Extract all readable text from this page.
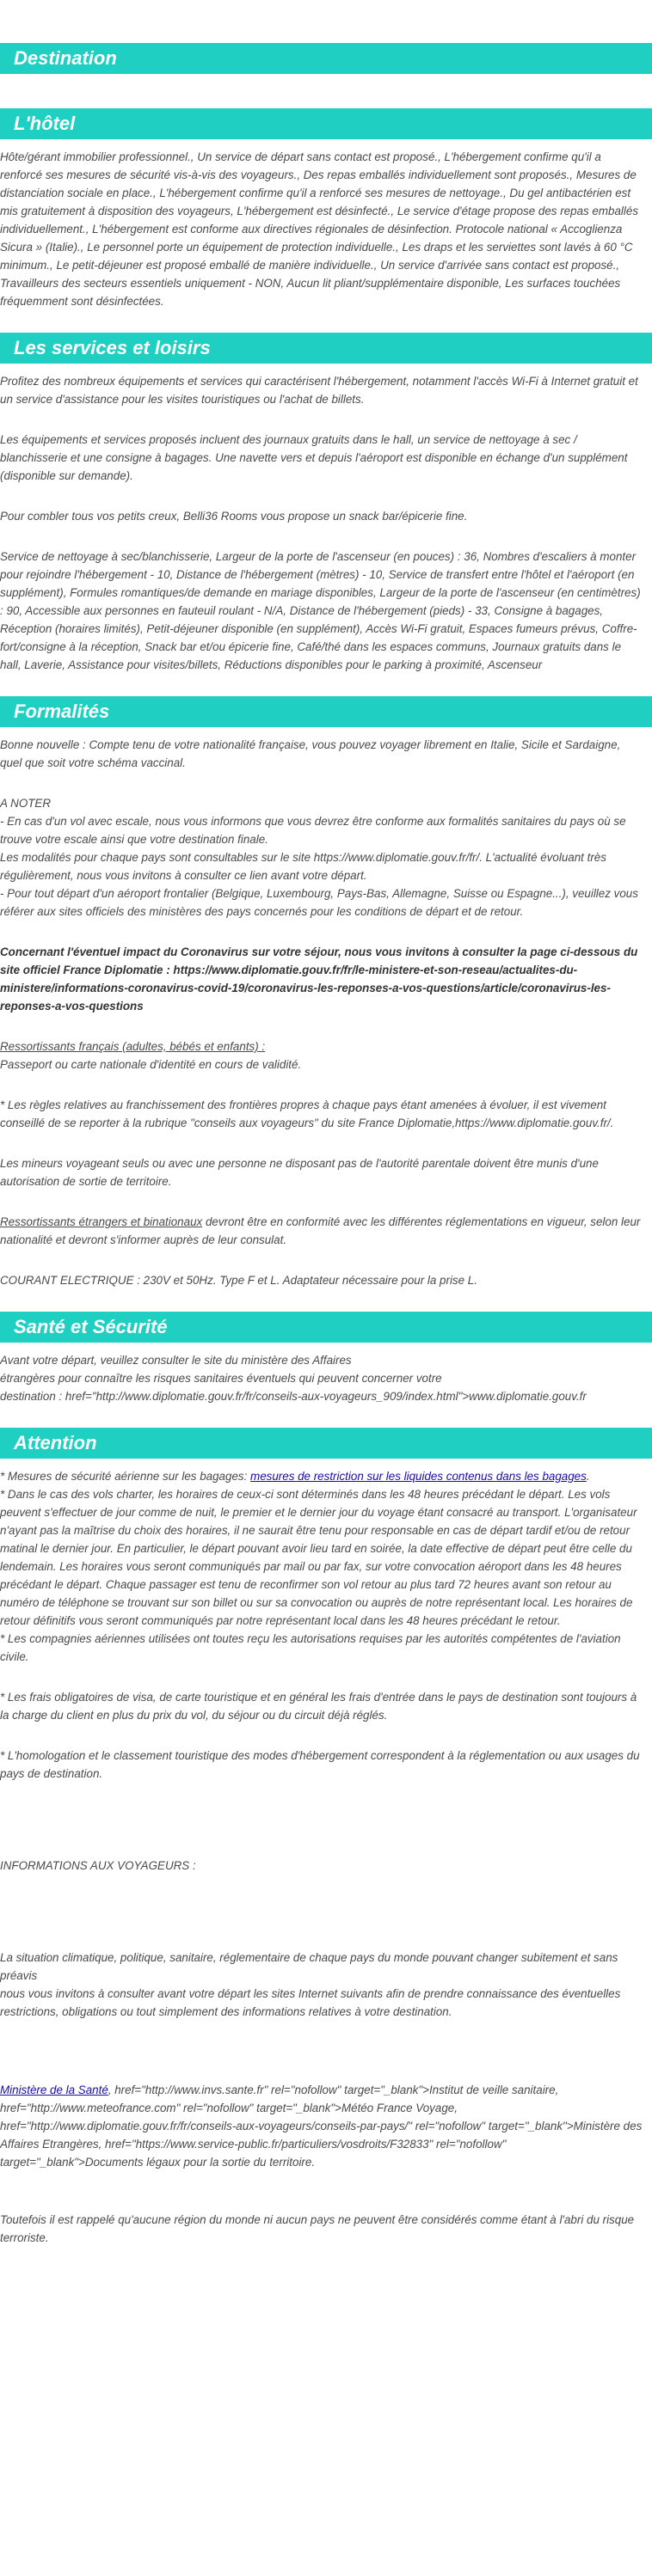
Destination
L'hôtel

Hôte/gérant immobilier professionnel., Un service de départ sans contact est proposé., L'hébergement confirme qu'il a renforcé ses mesures de sécurité vis-à-vis des voyageurs., Des repas emballés individuellement sont proposés., Mesures de distanciation sociale en place., L'hébergement confirme qu'il a renforcé ses mesures de nettoyage., Du gel antibactérien est mis gratuitement à disposition des voyageurs, L'hébergement est désinfecté., Le service d'étage propose des repas emballés individuellement., L'hébergement est conforme aux directives régionales de désinfection. Protocole national « Accoglienza Sicura » (Italie)., Le personnel porte un équipement de protection individuelle., Les draps et les serviettes sont lavés à 60 °C minimum., Le petit-déjeuner est proposé emballé de manière individuelle., Un service d'arrivée sans contact est proposé., Travailleurs des secteurs essentiels uniquement - NON, Aucun lit pliant/supplémentaire disponible, Les surfaces touchées fréquemment sont désinfectées.

Les services et loisirs

Profitez des nombreux équipements et services qui caractérisent l'hébergement, notamment l'accès Wi-Fi à Internet gratuit et un service d'assistance pour les visites touristiques ou l'achat de billets.

Les équipements et services proposés incluent des journaux gratuits dans le hall, un service de nettoyage à sec / blanchisserie et une consigne à bagages. Une navette vers et depuis l'aéroport est disponible en échange d'un supplément (disponible sur demande).

Pour combler tous vos petits creux, Belli36 Rooms vous propose un snack bar/épicerie fine.

Service de nettoyage à sec/blanchisserie, Largeur de la porte de l'ascenseur (en pouces) : 36, Nombres d'escaliers à monter pour rejoindre l'hébergement - 10, Distance de l'hébergement (mètres) - 10, Service de transfert entre l'hôtel et l'aéroport (en supplément), Formules romantiques/de demande en mariage disponibles, Largeur de la porte de l'ascenseur (en centimètres) : 90, Accessible aux personnes en fauteuil roulant - N/A, Distance de l'hébergement (pieds) - 33, Consigne à bagages, Réception (horaires limités), Petit-déjeuner disponible (en supplément), Accès Wi-Fi gratuit, Espaces fumeurs prévus, Coffre-fort/consigne à la réception, Snack bar et/ou épicerie fine, Café/thé dans les espaces communs, Journaux gratuits dans le hall, Laverie, Assistance pour visites/billets, Réductions disponibles pour le parking à proximité, Ascenseur

Formalités

Bonne nouvelle : Compte tenu de votre nationalité française, vous pouvez voyager librement en Italie, Sicile et Sardaigne, quel que soit votre schéma vaccinal.

A NOTER

- En cas d'un vol avec escale, nous vous informons que vous devrez être conforme aux formalités sanitaires du pays où se trouve votre escale ainsi que votre destination finale.

Les modalités pour chaque pays sont consultables sur le site https://www.diplomatie.gouv.fr/fr/. L'actualité évoluant très régulièrement, nous vous invitons à consulter ce lien avant votre départ.

- Pour tout départ d'un aéroport frontalier (Belgique, Luxembourg, Pays-Bas, Allemagne, Suisse ou Espagne...), veuillez vous référer aux sites officiels des ministères des pays concernés pour les conditions de départ et de retour.

Concernant l'éventuel impact du Coronavirus sur votre séjour, nous vous invitons à consulter la page ci-dessous du site officiel France Diplomatie : https://www.diplomatie.gouv.fr/fr/le-ministere-et-son-reseau/actualites-du-ministere/informations-coronavirus-covid-19/coronavirus-les-reponses-a-vos-questions/article/coronavirus-les-reponses-a-vos-questions

Ressortissants français (adultes, bébés et enfants) :

Passeport ou carte nationale d'identité en cours de validité.

* Les règles relatives au franchissement des frontières propres à chaque pays étant amenées à évoluer, il est vivement conseillé de se reporter à la rubrique "conseils aux voyageurs" du site France Diplomatie,https://www.diplomatie.gouv.fr/.

Les mineurs voyageant seuls ou avec une personne ne disposant pas de l'autorité parentale doivent être munis d'une autorisation de sortie de territoire.

Ressortissants étrangers et binationaux devront être en conformité avec les différentes réglementations en vigueur, selon leur nationalité et devront s'informer auprès de leur consulat.

COURANT ELECTRIQUE : 230V et 50Hz. Type F et L. Adaptateur nécessaire pour la prise L.

Santé et Sécurité

Avant votre départ, veuillez consulter le site du ministère des Affaires

étrangères pour connaître les risques sanitaires éventuels qui peuvent concerner votre

destination : href="http://www.diplomatie.gouv.fr/fr/conseils-aux-voyageurs_909/index.html">www.diplomatie.gouv.fr

Attention

* Mesures de sécurité aérienne sur les bagages: mesures de restriction sur les liquides contenus dans les bagages.

* Dans le cas des vols charter, les horaires de ceux-ci sont déterminés dans les 48 heures précédant le départ. Les vols peuvent s'effectuer de jour comme de nuit, le premier et le dernier jour du voyage étant consacré au transport. L'organisateur n'ayant pas la maîtrise du choix des horaires, il ne saurait être tenu pour responsable en cas de départ tardif et/ou de retour matinal le dernier jour. En particulier, le départ pouvant avoir lieu tard en soirée, la date effective de départ peut être celle du lendemain. Les horaires vous seront communiqués par mail ou par fax, sur votre convocation aéroport dans les 48 heures précédant le départ. Chaque passager est tenu de reconfirmer son vol retour au plus tard 72 heures avant son retour au numéro de téléphone se trouvant sur son billet ou sur sa convocation ou auprès de notre représentant local. Les horaires de retour définitifs vous seront communiqués par notre représentant local dans les 48 heures précédant le retour.

* Les compagnies aériennes utilisées ont toutes reçu les autorisations requises par les autorités compétentes de l'aviation civile.

* Les frais obligatoires de visa, de carte touristique et en général les frais d'entrée dans le pays de destination sont toujours à la charge du client en plus du prix du vol, du séjour ou du circuit déjà réglés.

* L'homologation et le classement touristique des modes d'hébergement correspondent à la réglementation ou aux usages du pays de destination.

INFORMATIONS AUX VOYAGEURS :

La situation climatique, politique, sanitaire, réglementaire de chaque pays du monde pouvant changer subitement et sans préavis

nous vous invitons à consulter avant votre départ les sites Internet suivants afin de prendre connaissance des éventuelles restrictions, obligations ou tout simplement des informations relatives à votre destination.

Ministère de la Santé, href="http://www.invs.sante.fr" rel="nofollow" target="_blank">Institut de veille sanitaire, href="http://www.meteofrance.com" rel="nofollow" target="_blank">Météo France Voyage, href="http://www.diplomatie.gouv.fr/fr/conseils-aux-voyageurs/conseils-par-pays/" rel="nofollow" target="_blank">Ministère des Affaires Etrangères, href="https://www.service-public.fr/particuliers/vosdroits/F32833" rel="nofollow" target="_blank">Documents légaux pour la sortie du territoire.

Toutefois il est rappelé qu'aucune région du monde ni aucun pays ne peuvent être considérés comme étant à l'abri du risque terroriste.
